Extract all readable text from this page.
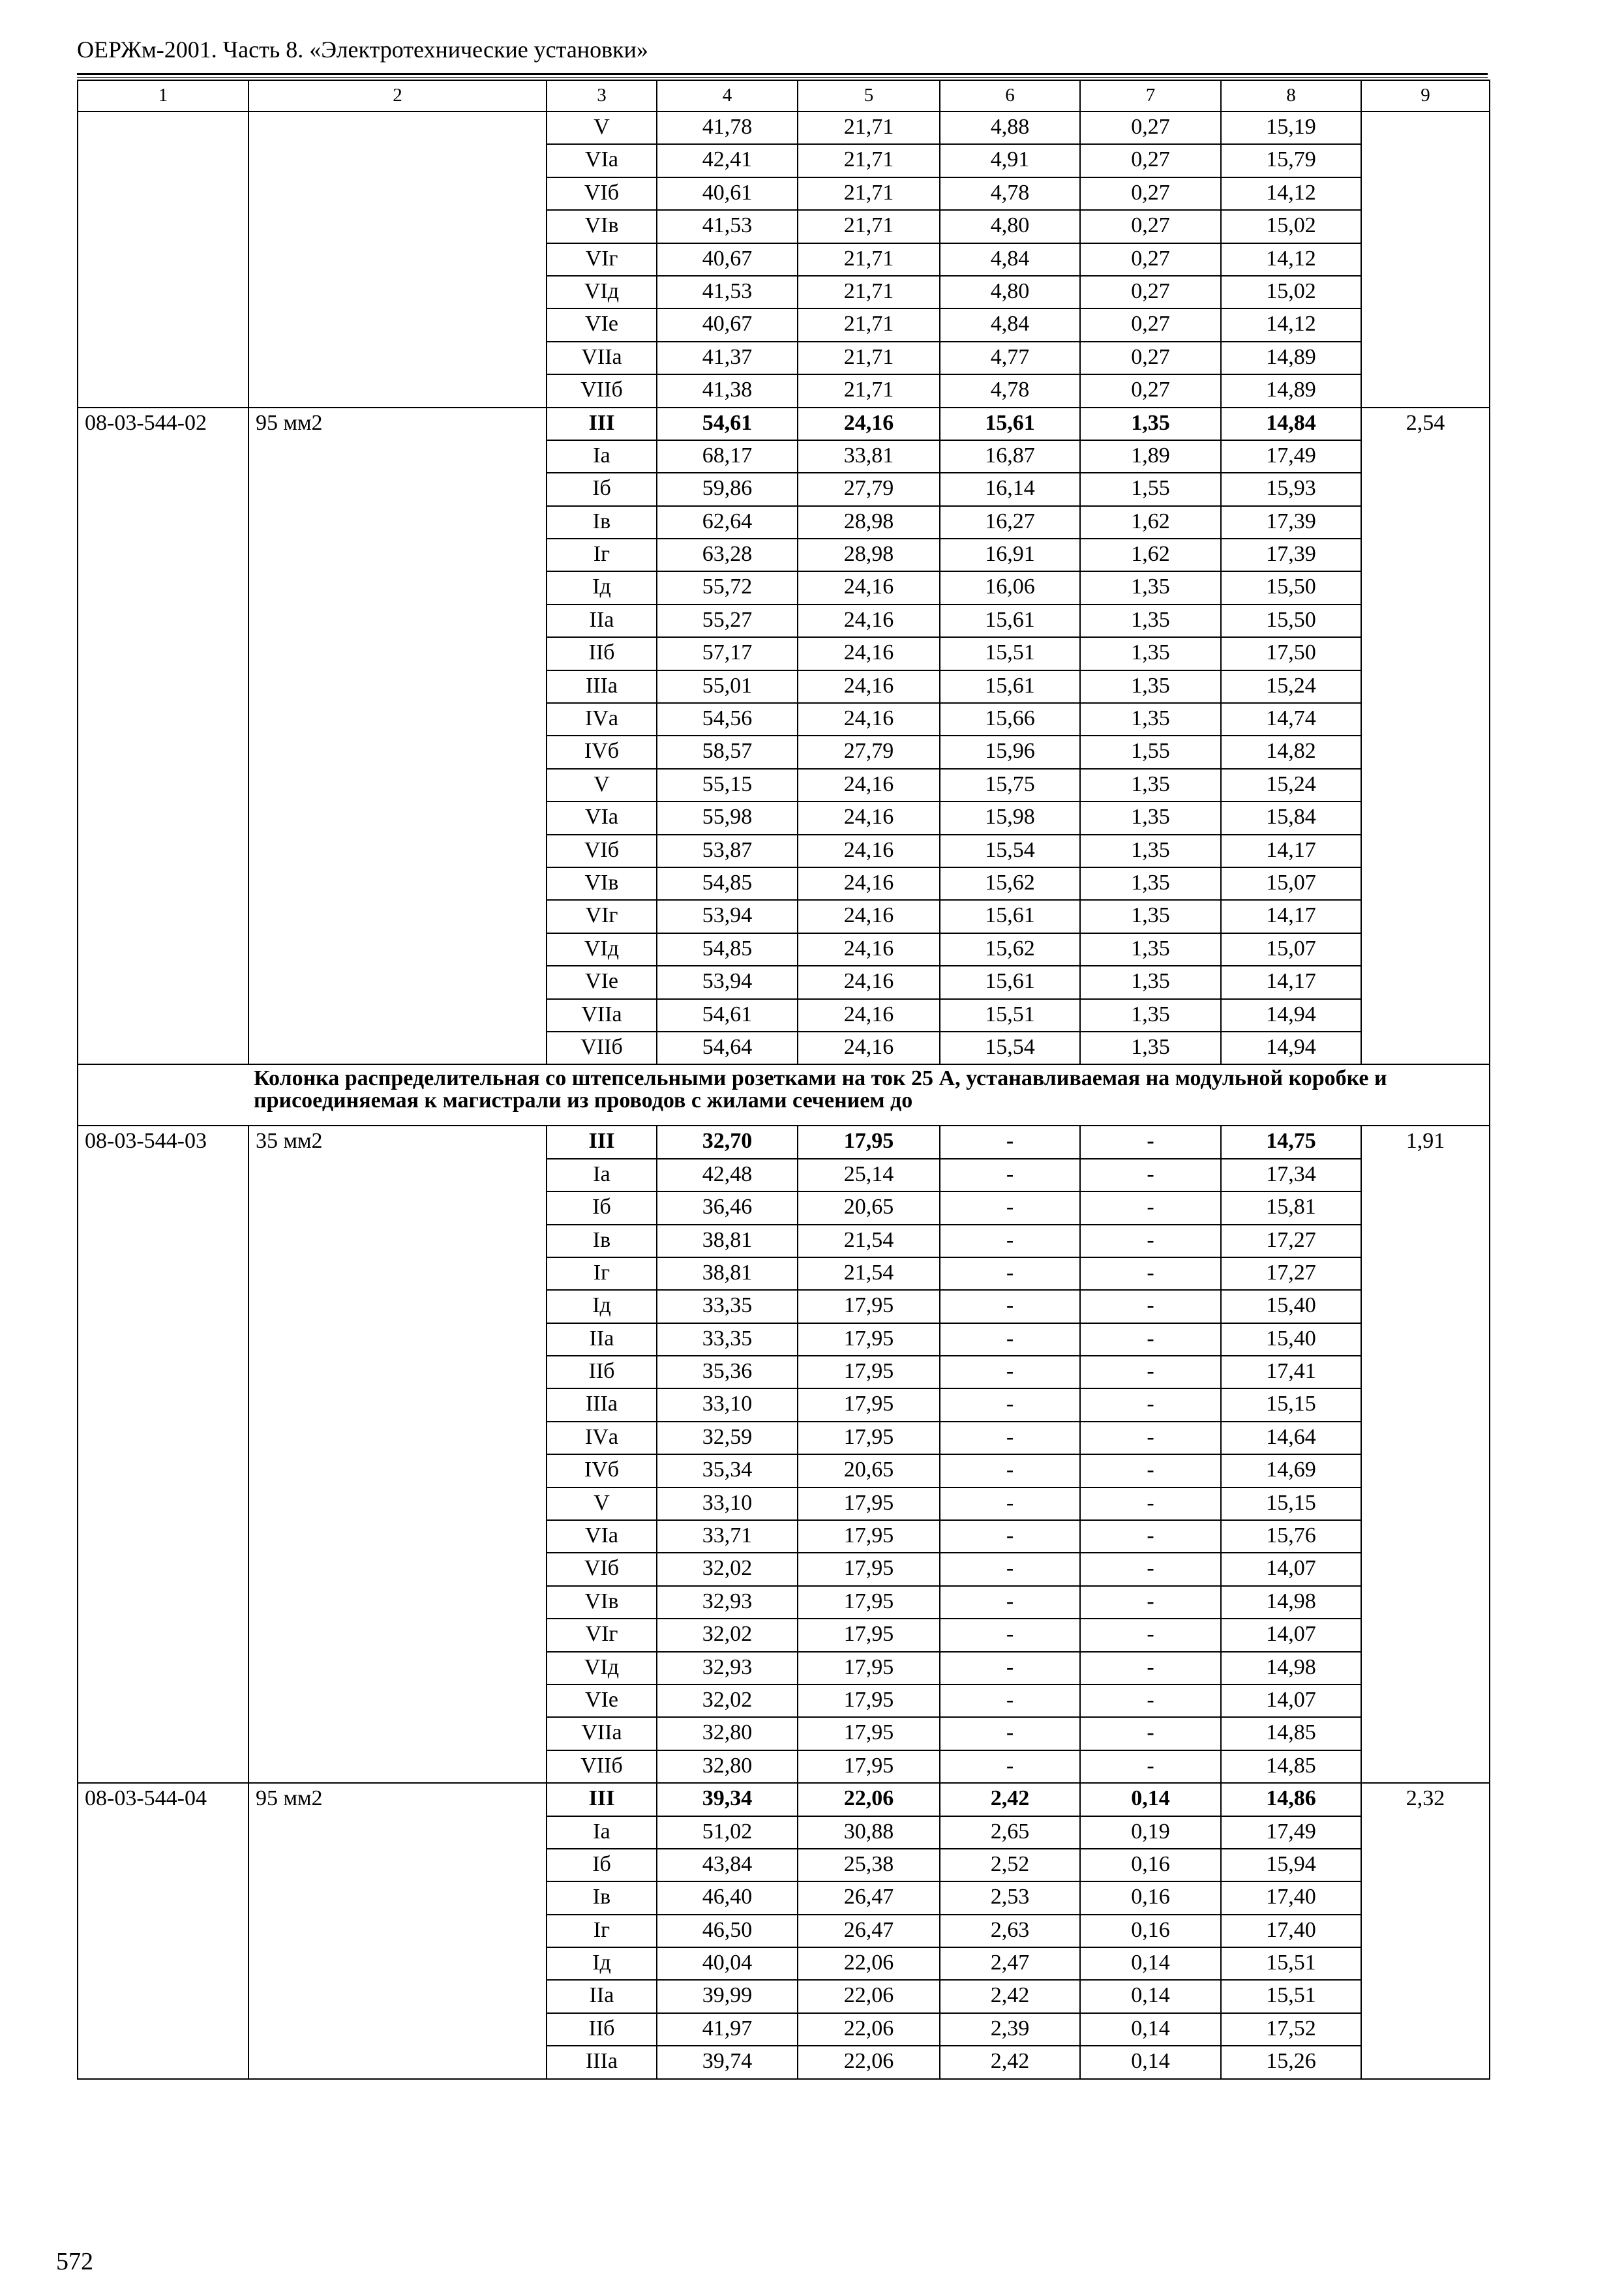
ОЕРЖм-2001. Часть 8. «Электротехнические установки»
1	2	3	4	5	6	7	8	9
		V	41,78	21,71	4,88	0,27	15,19	
		VIа	42,41	21,71	4,91	0,27	15,79	
		VIб	40,61	21,71	4,78	0,27	14,12	
		VIв	41,53	21,71	4,80	0,27	15,02	
		VIг	40,67	21,71	4,84	0,27	14,12	
		VIд	41,53	21,71	4,80	0,27	15,02	
		VIе	40,67	21,71	4,84	0,27	14,12	
		VIIа	41,37	21,71	4,77	0,27	14,89	
		VIIб	41,38	21,71	4,78	0,27	14,89	
08-03-544-02	95 мм2	III	54,61	24,16	15,61	1,35	14,84	2,54
		Iа	68,17	33,81	16,87	1,89	17,49	
		Iб	59,86	27,79	16,14	1,55	15,93	
		Iв	62,64	28,98	16,27	1,62	17,39	
		Iг	63,28	28,98	16,91	1,62	17,39	
		Iд	55,72	24,16	16,06	1,35	15,50	
		IIа	55,27	24,16	15,61	1,35	15,50	
		IIб	57,17	24,16	15,51	1,35	17,50	
		IIIа	55,01	24,16	15,61	1,35	15,24	
		IVа	54,56	24,16	15,66	1,35	14,74	
		IVб	58,57	27,79	15,96	1,55	14,82	
		V	55,15	24,16	15,75	1,35	15,24	
		VIа	55,98	24,16	15,98	1,35	15,84	
		VIб	53,87	24,16	15,54	1,35	14,17	
		VIв	54,85	24,16	15,62	1,35	15,07	
		VIг	53,94	24,16	15,61	1,35	14,17	
		VIд	54,85	24,16	15,62	1,35	15,07	
		VIе	53,94	24,16	15,61	1,35	14,17	
		VIIа	54,61	24,16	15,51	1,35	14,94	
		VIIб	54,64	24,16	15,54	1,35	14,94	
	Колонка распределительная со штепсельными розетками на ток 25 А, устанавливаемая на модульной коробке и присоединяемая к магистрали из проводов с жилами сечением до							
08-03-544-03	35 мм2	III	32,70	17,95	-	-	14,75	1,91
		Iа	42,48	25,14	-	-	17,34	
		Iб	36,46	20,65	-	-	15,81	
		Iв	38,81	21,54	-	-	17,27	
		Iг	38,81	21,54	-	-	17,27	
		Iд	33,35	17,95	-	-	15,40	
		IIа	33,35	17,95	-	-	15,40	
		IIб	35,36	17,95	-	-	17,41	
		IIIа	33,10	17,95	-	-	15,15	
		IVа	32,59	17,95	-	-	14,64	
		IVб	35,34	20,65	-	-	14,69	
		V	33,10	17,95	-	-	15,15	
		VIа	33,71	17,95	-	-	15,76	
		VIб	32,02	17,95	-	-	14,07	
		VIв	32,93	17,95	-	-	14,98	
		VIг	32,02	17,95	-	-	14,07	
		VIд	32,93	17,95	-	-	14,98	
		VIе	32,02	17,95	-	-	14,07	
		VIIа	32,80	17,95	-	-	14,85	
		VIIб	32,80	17,95	-	-	14,85	
08-03-544-04	95 мм2	III	39,34	22,06	2,42	0,14	14,86	2,32
		Iа	51,02	30,88	2,65	0,19	17,49	
		Iб	43,84	25,38	2,52	0,16	15,94	
		Iв	46,40	26,47	2,53	0,16	17,40	
		Iг	46,50	26,47	2,63	0,16	17,40	
		Iд	40,04	22,06	2,47	0,14	15,51	
		IIа	39,99	22,06	2,42	0,14	15,51	
		IIб	41,97	22,06	2,39	0,14	17,52	
		IIIа	39,74	22,06	2,42	0,14	15,26	
572
